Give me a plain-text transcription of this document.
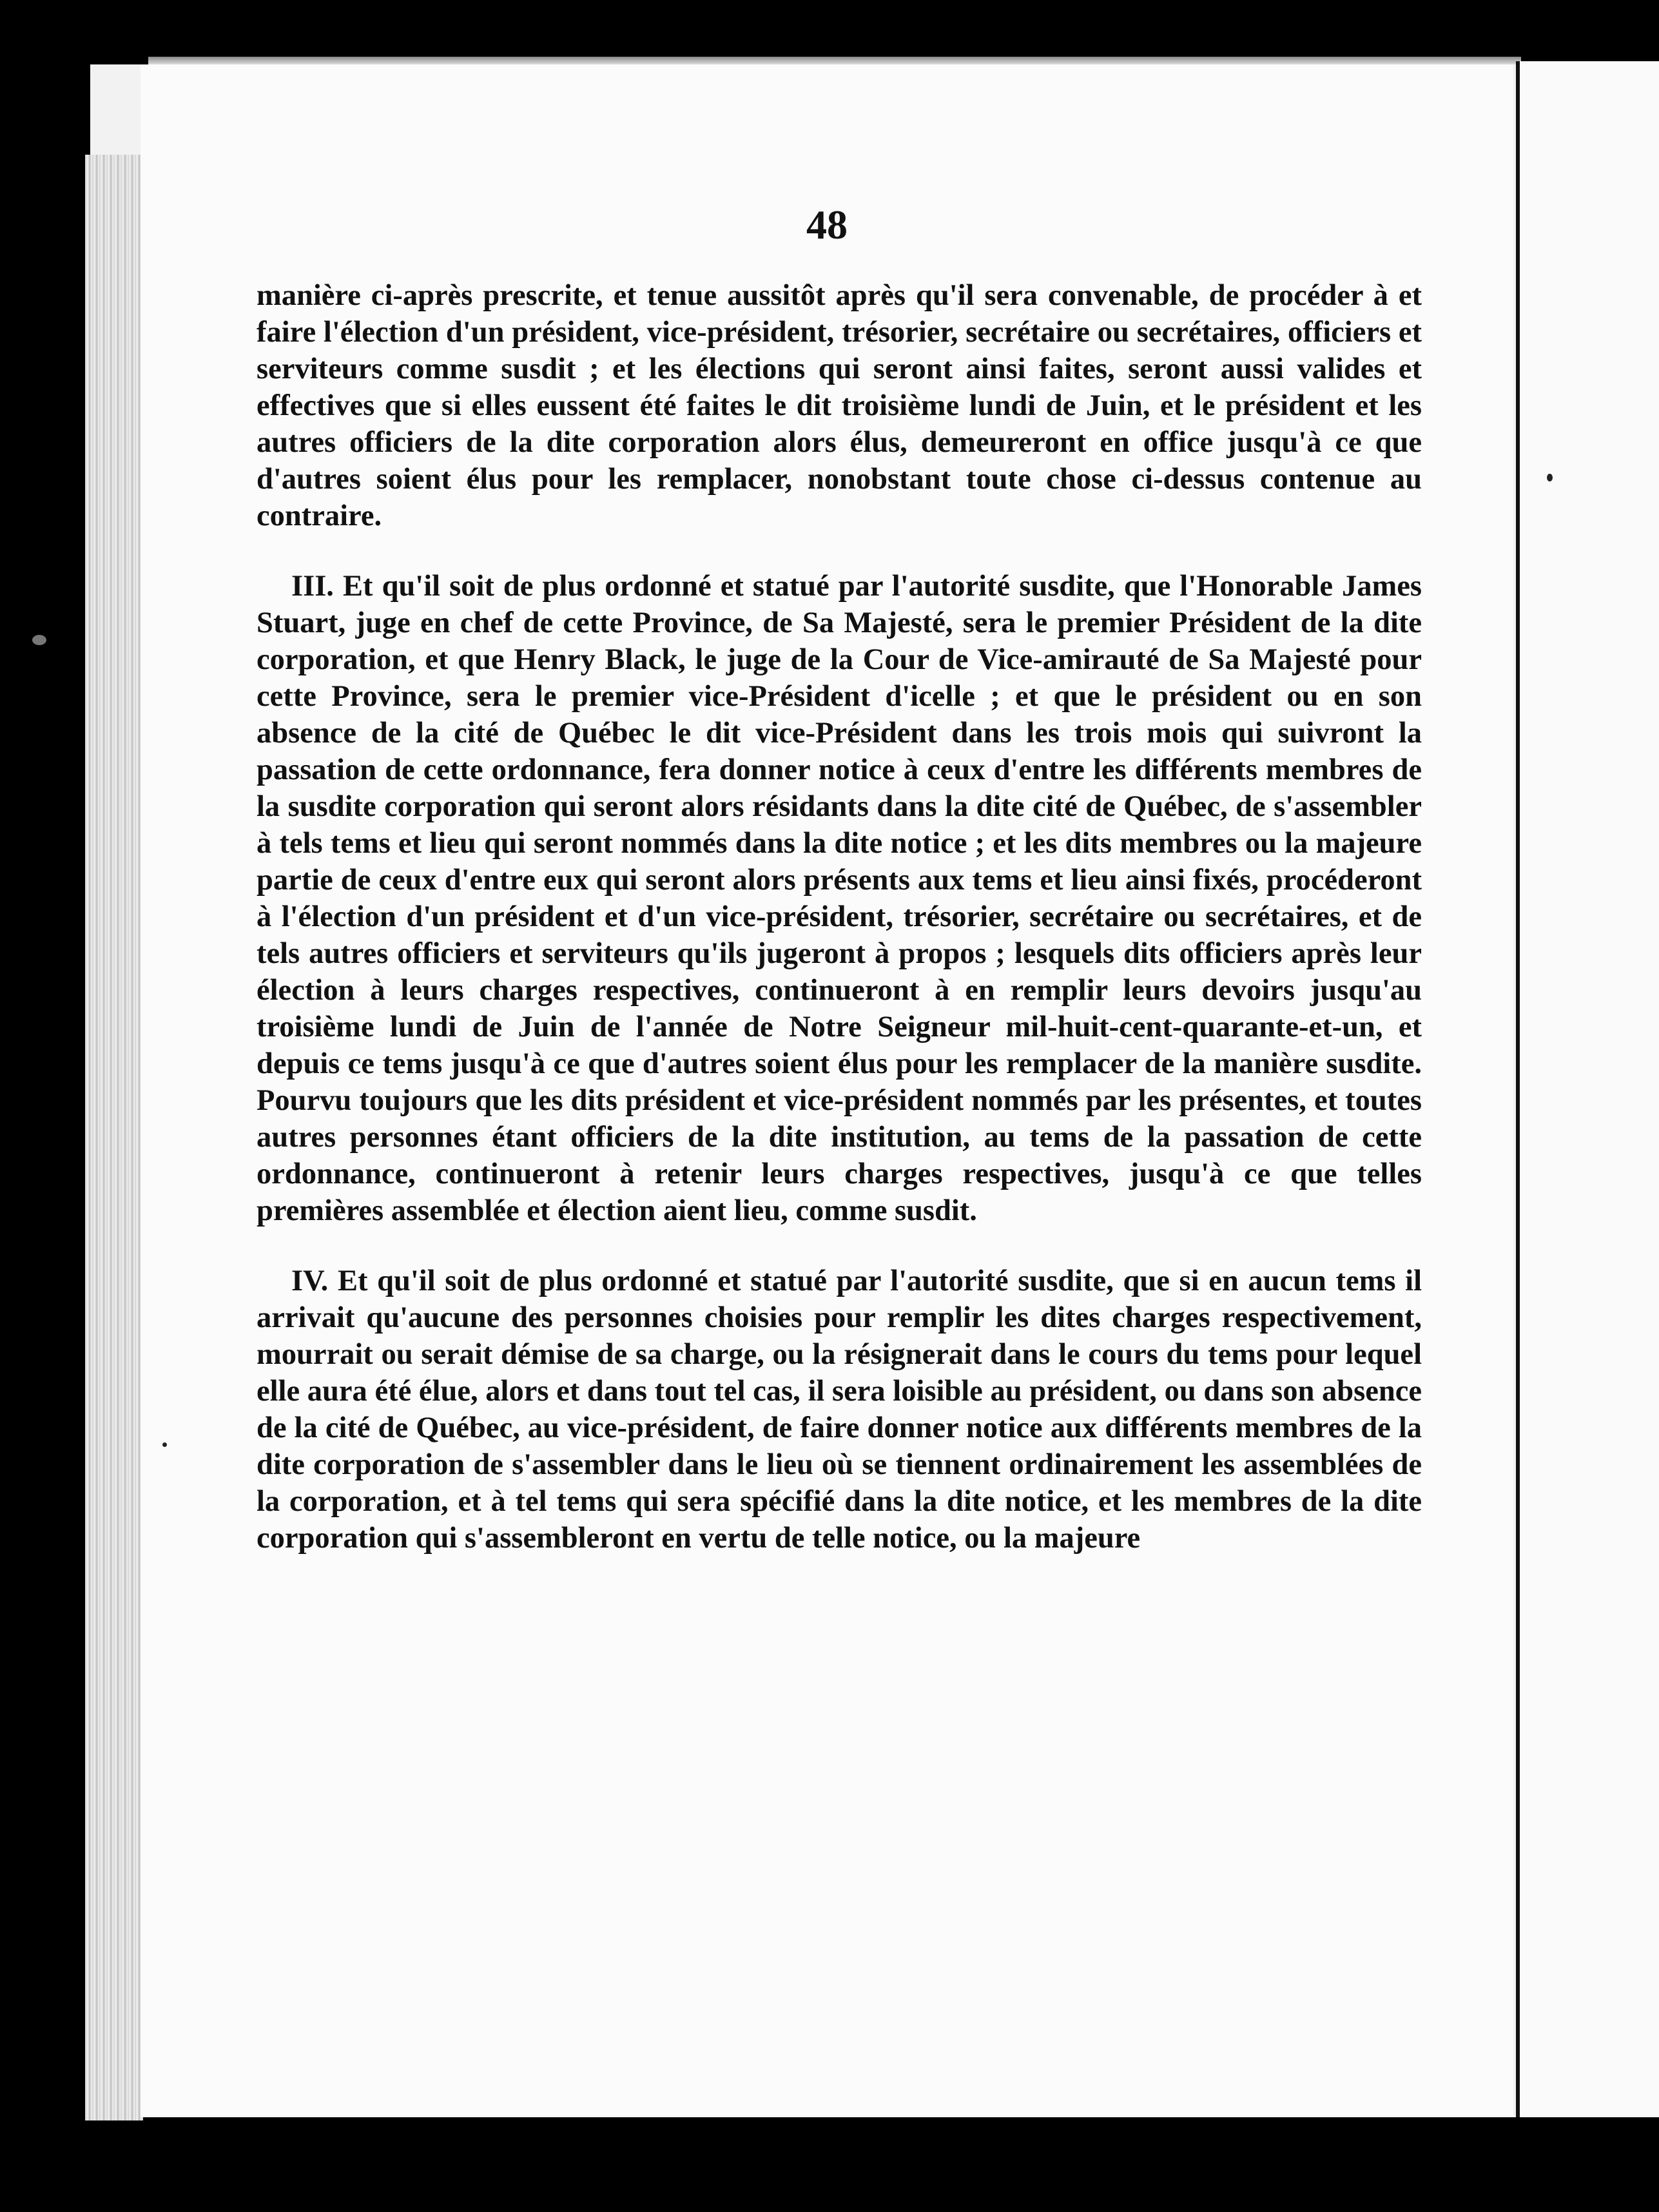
48

manière ci-après prescrite, et tenue aussitôt après qu'il sera convenable, de procéder à et faire l'élection d'un président, vice-président, trésorier, secrétaire ou secrétaires, officiers et serviteurs comme susdit ; et les élections qui seront ainsi faites, seront aussi valides et effectives que si elles eussent été faites le dit troisième lundi de Juin, et le président et les autres officiers de la dite corporation alors élus, demeureront en office jusqu'à ce que d'autres soient élus pour les remplacer, nonobstant toute chose ci-dessus contenue au contraire.

III. Et qu'il soit de plus ordonné et statué par l'autorité susdite, que l'Honorable James Stuart, juge en chef de cette Province, de Sa Majesté, sera le premier Président de la dite corporation, et que Henry Black, le juge de la Cour de Vice-amirauté de Sa Majesté pour cette Province, sera le premier vice-Président d'icelle ; et que le président ou en son absence de la cité de Québec le dit vice-Président dans les trois mois qui suivront la passation de cette ordonnance, fera donner notice à ceux d'entre les différents membres de la susdite corporation qui seront alors résidants dans la dite cité de Québec, de s'assembler à tels tems et lieu qui seront nommés dans la dite notice ; et les dits membres ou la majeure partie de ceux d'entre eux qui seront alors présents aux tems et lieu ainsi fixés, procéderont à l'élection d'un président et d'un vice-président, trésorier, secrétaire ou secrétaires, et de tels autres officiers et serviteurs qu'ils jugeront à propos ; lesquels dits officiers après leur élection à leurs charges respectives, continueront à en remplir leurs devoirs jusqu'au troisième lundi de Juin de l'année de Notre Seigneur mil-huit-cent-quarante-et-un, et depuis ce tems jusqu'à ce que d'autres soient élus pour les remplacer de la manière susdite. Pourvu toujours que les dits président et vice-président nommés par les présentes, et toutes autres personnes étant officiers de la dite institution, au tems de la passation de cette ordonnance, continueront à retenir leurs charges respectives, jusqu'à ce que telles premières assemblée et élection aient lieu, comme susdit.

IV. Et qu'il soit de plus ordonné et statué par l'autorité susdite, que si en aucun tems il arrivait qu'aucune des personnes choisies pour remplir les dites charges respectivement, mourrait ou serait démise de sa charge, ou la résignerait dans le cours du tems pour lequel elle aura été élue, alors et dans tout tel cas, il sera loisible au président, ou dans son absence de la cité de Québec, au vice-président, de faire donner notice aux différents membres de la dite corporation de s'assembler dans le lieu où se tiennent ordinairement les assemblées de la corporation, et à tel tems qui sera spécifié dans la dite notice, et les membres de la dite corporation qui s'assembleront en vertu de telle notice, ou la majeure
